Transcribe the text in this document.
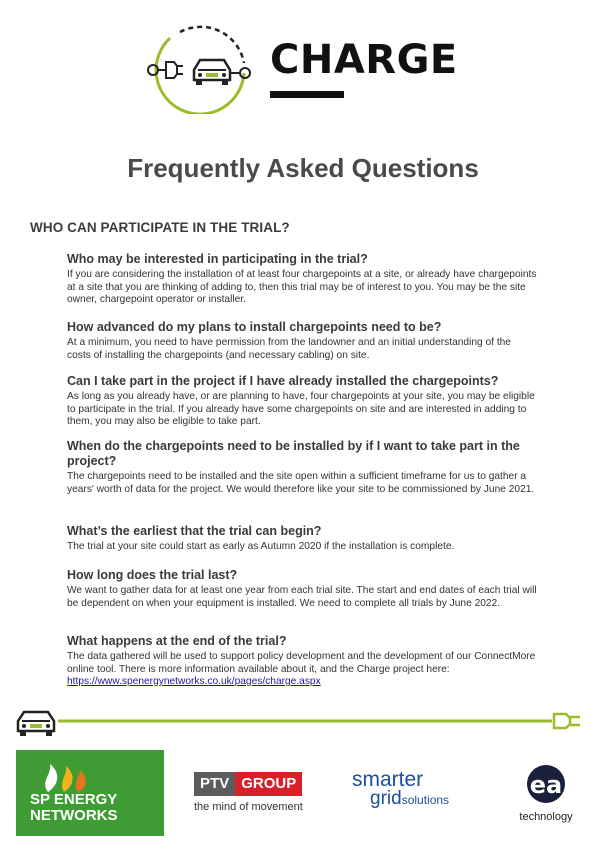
CHARGE
Frequently Asked Questions
WHO CAN PARTICIPATE IN THE TRIAL?

Who may be interested in participating in the trial?

If you are considering the installation of at least four chargepoints at a site, or already have chargepoints at a site that you are thinking of adding to, then this trial may be of interest to you. You may be the site owner, chargepoint operator or installer.

How advanced do my plans to install chargepoints need to be?

At a minimum, you need to have permission from the landowner and an initial understanding of the costs of installing the chargepoints (and necessary cabling) on site.

Can I take part in the project if I have already installed the chargepoints?

As long as you already have, or are planning to have, four chargepoints at your site, you may be eligible to participate in the trial. If you already have some chargepoints on site and are interested in adding to them, you may also be eligible to take part.

When do the chargepoints need to be installed by if I want to take part in the project?

The chargepoints need to be installed and the site open within a sufficient timeframe for us to gather a years' worth of data for the project. We would therefore like your site to be commissioned by June 2021.

What’s the earliest that the trial can begin?

The trial at your site could start as early as Autumn 2020 if the installation is complete.

How long does the trial last?

We want to gather data for at least one year from each trial site. The start and end dates of each trial will be dependent on when your equipment is installed. We need to complete all trials by June 2022.

What happens at the end of the trial?

The data gathered will be used to support policy development and the development of our ConnectMore online tool. There is more information available about it, and the Charge project here: https://www.spenergynetworks.co.uk/pages/charge.aspx

SP ENERGY
NETWORKS
PTV GROUP
the mind of movement
smarter
gridsolutions
ea
technology
